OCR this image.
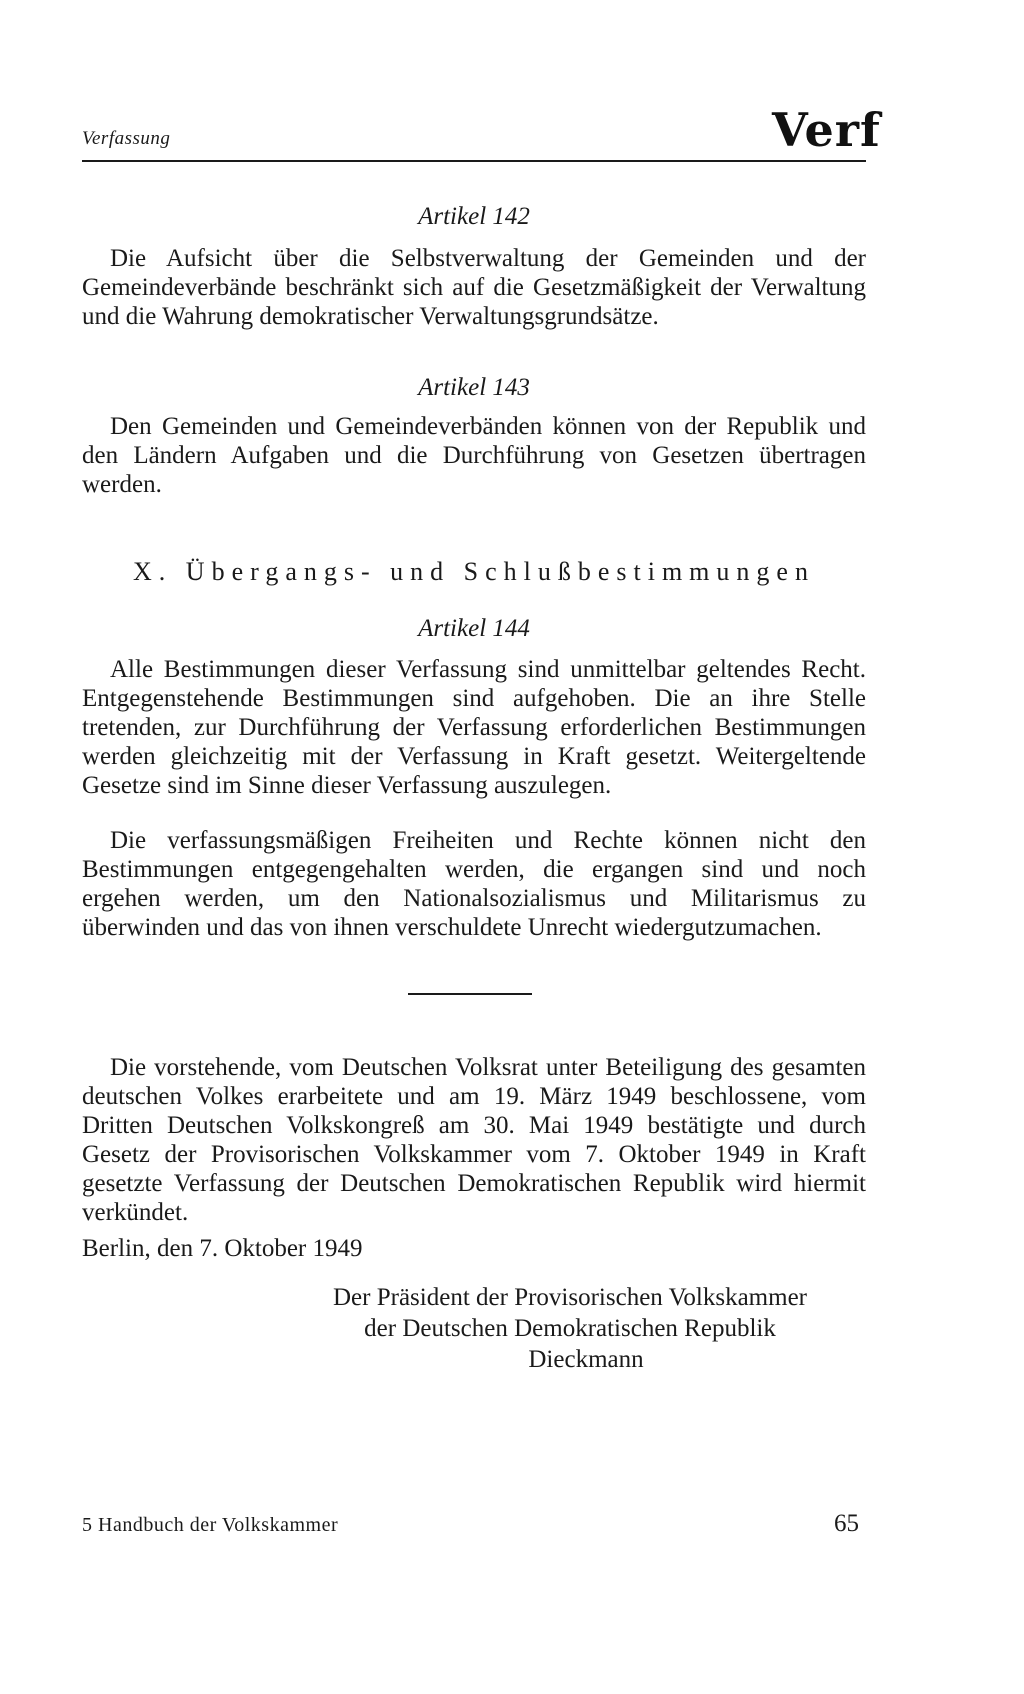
Verfassung	Verf
Artikel 142
Die Aufsicht über die Selbstverwaltung der Gemeinden und der Gemeindeverbände beschränkt sich auf die Gesetzmäßigkeit der Verwaltung und die Wahrung demokratischer Verwaltungsgrundsätze.
Artikel 143
Den Gemeinden und Gemeindeverbänden können von der Republik und den Ländern Aufgaben und die Durchführung von Gesetzen übertragen werden.
X. Übergangs- und Schlußbestimmungen
Artikel 144
Alle Bestimmungen dieser Verfassung sind unmittelbar geltendes Recht. Entgegenstehende Bestimmungen sind aufgehoben. Die an ihre Stelle tretenden, zur Durchführung der Verfassung erforderlichen Bestimmungen werden gleichzeitig mit der Verfassung in Kraft gesetzt. Weitergeltende Gesetze sind im Sinne dieser Verfassung auszulegen.
Die verfassungsmäßigen Freiheiten und Rechte können nicht den Bestimmungen entgegengehalten werden, die ergangen sind und noch ergehen werden, um den Nationalsozialismus und Militarismus zu überwinden und das von ihnen verschuldete Unrecht wiedergutzumachen.
Die vorstehende, vom Deutschen Volksrat unter Beteiligung des gesamten deutschen Volkes erarbeitete und am 19. März 1949 beschlossene, vom Dritten Deutschen Volkskongreß am 30. Mai 1949 bestätigte und durch Gesetz der Provisorischen Volkskammer vom 7. Oktober 1949 in Kraft gesetzte Verfassung der Deutschen Demokratischen Republik wird hiermit verkündet.
Berlin, den 7. Oktober 1949
Der Präsident der Provisorischen Volkskammer
der Deutschen Demokratischen Republik
Dieckmann
5 Handbuch der Volkskammer	65
